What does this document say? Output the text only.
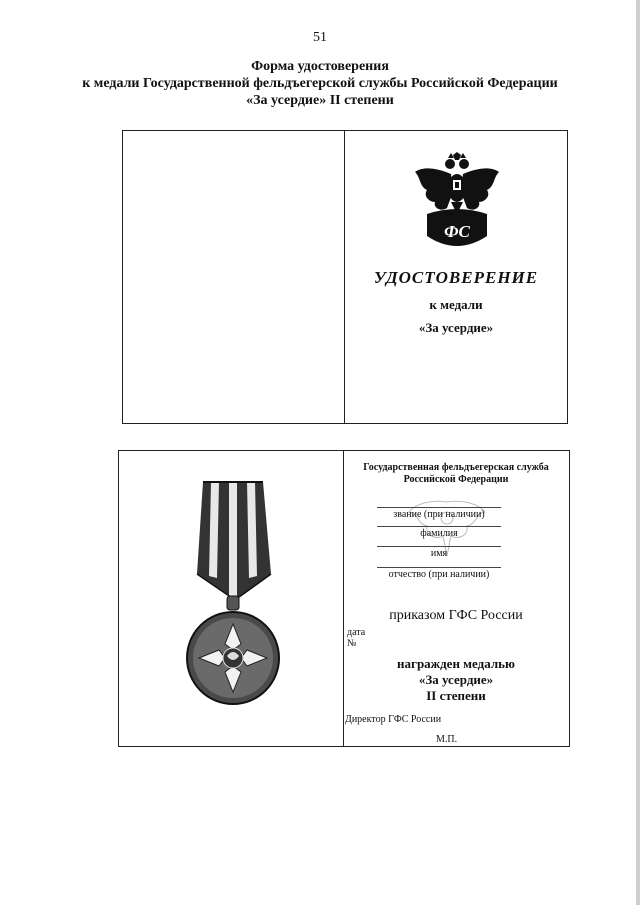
51
Форма удостоверения
к медали Государственной фельдъегерской службы Российской Федерации
«За усердие» II степени
ФС
УДОСТОВЕРЕНИЕ
к медали
«За усердие»
Государственная фельдъегерская служба
Российской Федерации
звание (при наличии)
фамилия
имя
отчество (при наличии)
приказом ГФС России
дата
№
награжден медалью
«За усердие»
II степени
Директор ГФС России
М.П.
